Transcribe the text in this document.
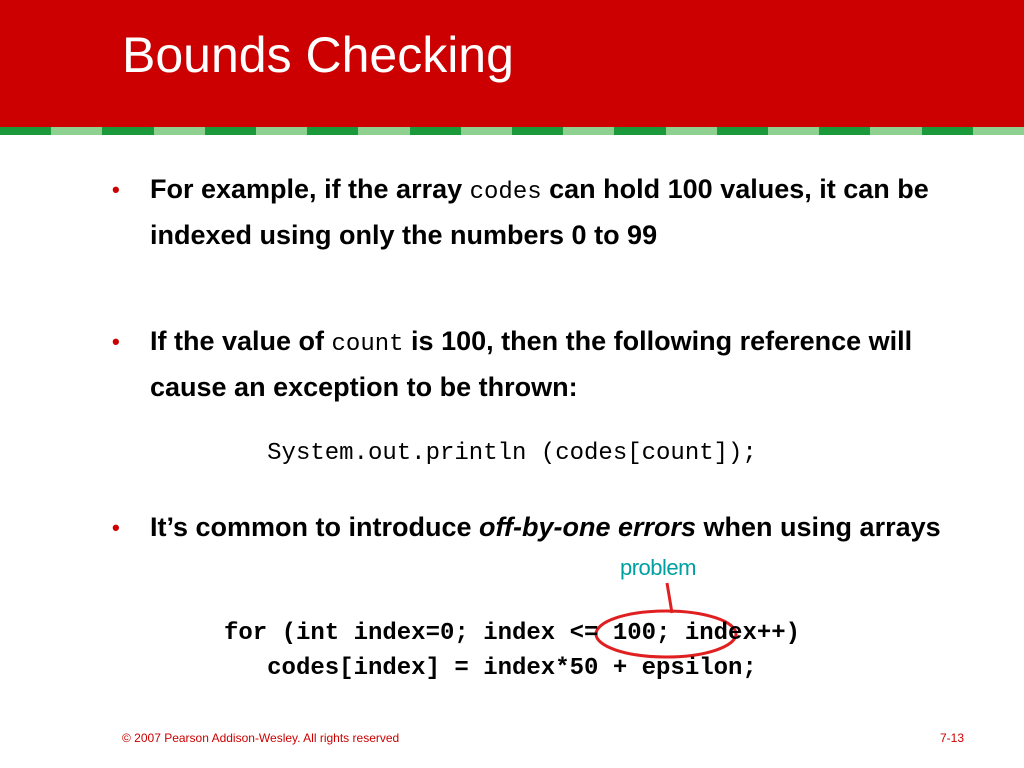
Bounds Checking
• For example, if the array codes can hold 100 values, it can be indexed using only the numbers 0 to 99
• If the value of count is 100, then the following reference will cause an exception to be thrown:
System.out.println (codes[count]);
• It’s common to introduce off-by-one errors when using arrays
problem
for (int index=0; index <= 100; index++)
codes[index] = index*50 + epsilon;
© 2007 Pearson Addison-Wesley. All rights reserved	7-13
